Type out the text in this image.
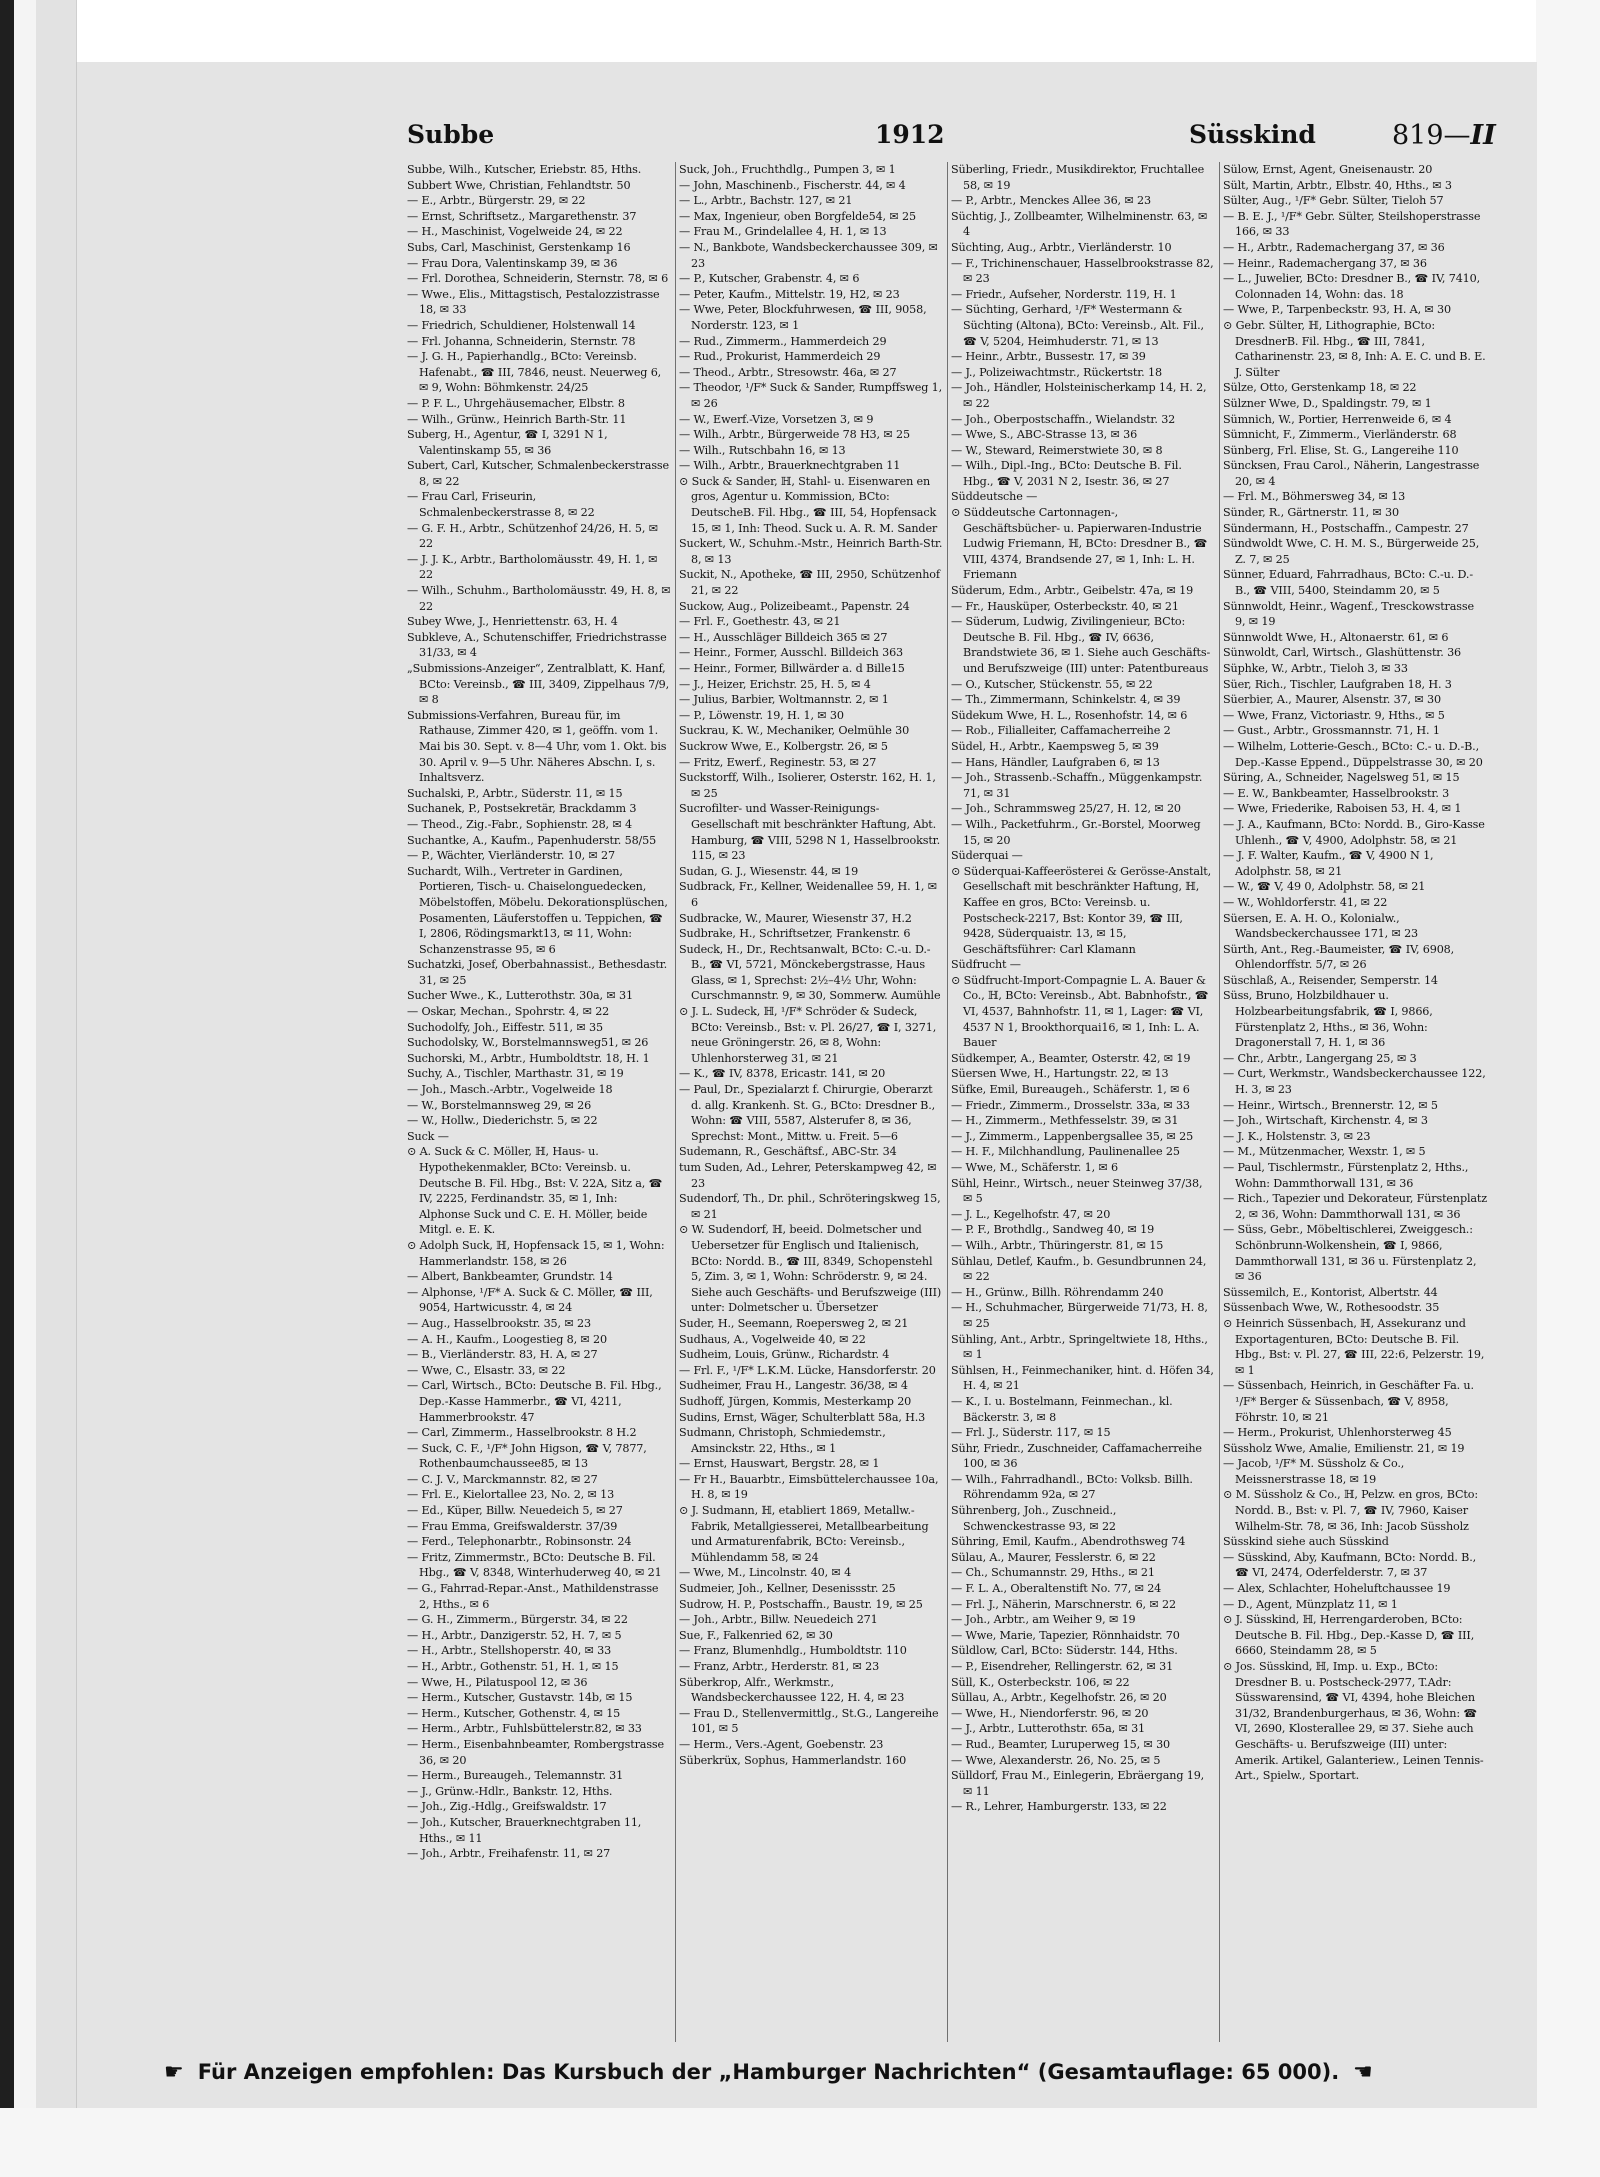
Subbe	1912	Süsskind	819—II

Subbe, Wilh., Kutscher, Eriebstr. 85, Hths.

Subbert Wwe, Christian, Fehlandtstr. 50

— E., Arbtr., Bürgerstr. 29, ✉ 22

— Ernst, Schriftsetz., Margarethenstr. 37

— H., Maschinist, Vogelweide 24, ✉ 22

Subs, Carl, Maschinist, Gerstenkamp 16

— Frau Dora, Valentinskamp 39, ✉ 36

— Frl. Dorothea, Schneiderin, Sternstr. 78, ✉ 6

— Wwe., Elis., Mittagstisch, Pestalozzistrasse 18, ✉ 33

— Friedrich, Schuldiener, Holstenwall 14

— Frl. Johanna, Schneiderin, Sternstr. 78

— J. G. H., Papierhandlg., BCto: Vereinsb. Hafenabt., ☎ III, 7846, neust. Neuerweg 6, ✉ 9, Wohn: Böhmkenstr. 24/25

— P. F. L., Uhrgehäusemacher, Elbstr. 8

— Wilh., Grünw., Heinrich Barth-Str. 11

Suberg, H., Agentur, ☎ I, 3291 N 1, Valentinskamp 55, ✉ 36

Subert, Carl, Kutscher, Schmalenbeckerstrasse 8, ✉ 22

— Frau Carl, Friseurin, Schmalenbeckerstrasse 8, ✉ 22

— G. F. H., Arbtr., Schützenhof 24/26, H. 5, ✉ 22

— J. J. K., Arbtr., Bartholomäusstr. 49, H. 1, ✉ 22

— Wilh., Schuhm., Bartholomäusstr. 49, H. 8, ✉ 22

Subey Wwe, J., Henriettenstr. 63, H. 4

Subkleve, A., Schutenschiffer, Friedrichstrasse 31/33, ✉ 4

„Submissions-Anzeiger“, Zentralblatt, K. Hanf, BCto: Vereinsb., ☎ III, 3409, Zippelhaus 7/9, ✉ 8

Submissions-Verfahren, Bureau für, im Rathause, Zimmer 420, ✉ 1, geöffn. vom 1. Mai bis 30. Sept. v. 8—4 Uhr, vom 1. Okt. bis 30. April v. 9—5 Uhr. Näheres Abschn. I, s. Inhaltsverz.

Suchalski, P., Arbtr., Süderstr. 11, ✉ 15

Suchanek, P., Postsekretär, Brackdamm 3

— Theod., Zig.-Fabr., Sophienstr. 28, ✉ 4

Suchantke, A., Kaufm., Papenhuderstr. 58/55

— P., Wächter, Vierländerstr. 10, ✉ 27

Suchardt, Wilh., Vertreter in Gardinen, Portieren, Tisch- u. Chaiselonguedecken, Möbelstoffen, Möbelu. Dekorationsplüschen, Posamenten, Läuferstoffen u. Teppichen, ☎ I, 2806, Rödingsmarkt13, ✉ 11, Wohn: Schanzenstrasse 95, ✉ 6

Suchatzki, Josef, Oberbahnassist., Bethesdastr. 31, ✉ 25

Sucher Wwe., K., Lutterothstr. 30a, ✉ 31

— Oskar, Mechan., Spohrstr. 4, ✉ 22

Suchodolfy, Joh., Eiffestr. 511, ✉ 35

Suchodolsky, W., Borstelmannsweg51, ✉ 26

Suchorski, M., Arbtr., Humboldtstr. 18, H. 1

Suchy, A., Tischler, Marthastr. 31, ✉ 19

— Joh., Masch.-Arbtr., Vogelweide 18

— W., Borstelmannsweg 29, ✉ 26

— W., Hollw., Diederichstr. 5, ✉ 22

Suck —

⊙ A. Suck & C. Möller, ℍ, Haus- u. Hypothekenmakler, BCto: Vereinsb. u. Deutsche B. Fil. Hbg., Bst: V. 22A, Sitz a, ☎ IV, 2225, Ferdinandstr. 35, ✉ 1, Inh: Alphonse Suck und C. E. H. Möller, beide Mitgl. e. E. K.

⊙ Adolph Suck, ℍ, Hopfensack 15, ✉ 1, Wohn: Hammerlandstr. 158, ✉ 26

— Albert, Bankbeamter, Grundstr. 14

— Alphonse, ¹/F* A. Suck & C. Möller, ☎ III, 9054, Hartwicusstr. 4, ✉ 24

— Aug., Hasselbrookstr. 35, ✉ 23

— A. H., Kaufm., Loogestieg 8, ✉ 20

— B., Vierländerstr. 83, H. A, ✉ 27

— Wwe, C., Elsastr. 33, ✉ 22

— Carl, Wirtsch., BCto: Deutsche B. Fil. Hbg., Dep.-Kasse Hammerbr., ☎ VI, 4211, Hammerbrookstr. 47

— Carl, Zimmerm., Hasselbrookstr. 8 H.2

— Suck, C. F., ¹/F* John Higson, ☎ V, 7877, Rothenbaumchaussee85, ✉ 13

— C. J. V., Marckmannstr. 82, ✉ 27

— Frl. E., Kielortallee 23, No. 2, ✉ 13

— Ed., Küper, Billw. Neuedeich 5, ✉ 27

— Frau Emma, Greifswalderstr. 37/39

— Ferd., Telephonarbtr., Robinsonstr. 24

— Fritz, Zimmermstr., BCto: Deutsche B. Fil. Hbg., ☎ V, 8348, Winterhuderweg 40, ✉ 21

— G., Fahrrad-Repar.-Anst., Mathildenstrasse 2, Hths., ✉ 6

— G. H., Zimmerm., Bürgerstr. 34, ✉ 22

— H., Arbtr., Danzigerstr. 52, H. 7, ✉ 5

— H., Arbtr., Stellshoperstr. 40, ✉ 33

— H., Arbtr., Gothenstr. 51, H. 1, ✉ 15

— Wwe, H., Pilatuspool 12, ✉ 36

— Herm., Kutscher, Gustavstr. 14b, ✉ 15

— Herm., Kutscher, Gothenstr. 4, ✉ 15

— Herm., Arbtr., Fuhlsbüttelerstr.82, ✉ 33

— Herm., Eisenbahnbeamter, Rombergstrasse 36, ✉ 20

— Herm., Bureaugeh., Telemannstr. 31

— J., Grünw.-Hdlr., Bankstr. 12, Hths.

— Joh., Zig.-Hdlg., Greifswaldstr. 17

— Joh., Kutscher, Brauerknechtgraben 11, Hths., ✉ 11

— Joh., Arbtr., Freihafenstr. 11, ✉ 27

Suck, Joh., Fruchthdlg., Pumpen 3, ✉ 1

— John, Maschinenb., Fischerstr. 44, ✉ 4

— L., Arbtr., Bachstr. 127, ✉ 21

— Max, Ingenieur, oben Borgfelde54, ✉ 25

— Frau M., Grindelallee 4, H. 1, ✉ 13

— N., Bankbote, Wandsbeckerchaussee 309, ✉ 23

— P., Kutscher, Grabenstr. 4, ✉ 6

— Peter, Kaufm., Mittelstr. 19, H2, ✉ 23

— Wwe, Peter, Blockfuhrwesen, ☎ III, 9058, Norderstr. 123, ✉ 1

— Rud., Zimmerm., Hammerdeich 29

— Rud., Prokurist, Hammerdeich 29

— Theod., Arbtr., Stresowstr. 46a, ✉ 27

— Theodor, ¹/F* Suck & Sander, Rumpffsweg 1, ✉ 26

— W., Ewerf.-Vize, Vorsetzen 3, ✉ 9

— Wilh., Arbtr., Bürgerweide 78 H3, ✉ 25

— Wilh., Rutschbahn 16, ✉ 13

— Wilh., Arbtr., Brauerknechtgraben 11

⊙ Suck & Sander, ℍ, Stahl- u. Eisenwaren en gros, Agentur u. Kommission, BCto: DeutscheB. Fil. Hbg., ☎ III, 54, Hopfensack 15, ✉ 1, Inh: Theod. Suck u. A. R. M. Sander

Suckert, W., Schuhm.-Mstr., Heinrich Barth-Str. 8, ✉ 13

Suckit, N., Apotheke, ☎ III, 2950, Schützenhof 21, ✉ 22

Suckow, Aug., Polizeibeamt., Papenstr. 24

— Frl. F., Goethestr. 43, ✉ 21

— H., Ausschläger Billdeich 365 ✉ 27

— Heinr., Former, Ausschl. Billdeich 363

— Heinr., Former, Billwärder a. d Bille15

— J., Heizer, Erichstr. 25, H. 5, ✉ 4

— Julius, Barbier, Woltmannstr. 2, ✉ 1

— P., Löwenstr. 19, H. 1, ✉ 30

Suckrau, K. W., Mechaniker, Oelmühle 30

Suckrow Wwe, E., Kolbergstr. 26, ✉ 5

— Fritz, Ewerf., Reginestr. 53, ✉ 27

Suckstorff, Wilh., Isolierer, Osterstr. 162, H. 1, ✉ 25

Sucrofilter- und Wasser-Reinigungs-Gesellschaft mit beschränkter Haftung, Abt. Hamburg, ☎ VIII, 5298 N 1, Hasselbrookstr. 115, ✉ 23

Sudan, G. J., Wiesenstr. 44, ✉ 19

Sudbrack, Fr., Kellner, Weidenallee 59, H. 1, ✉ 6

Sudbracke, W., Maurer, Wiesenstr 37, H.2

Sudbrake, H., Schriftsetzer, Frankenstr. 6

Sudeck, H., Dr., Rechtsanwalt, BCto: C.-u. D.-B., ☎ VI, 5721, Mönckebergstrasse, Haus Glass, ✉ 1, Sprechst: 2½–4½ Uhr, Wohn: Curschmannstr. 9, ✉ 30, Sommerw. Aumühle

⊙ J. L. Sudeck, ℍ, ¹/F* Schröder & Sudeck, BCto: Vereinsb., Bst: v. Pl. 26/27, ☎ I, 3271, neue Gröningerstr. 26, ✉ 8, Wohn: Uhlenhorsterweg 31, ✉ 21

— K., ☎ IV, 8378, Ericastr. 141, ✉ 20

— Paul, Dr., Spezialarzt f. Chirurgie, Oberarzt d. allg. Krankenh. St. G., BCto: Dresdner B., Wohn: ☎ VIII, 5587, Alsterufer 8, ✉ 36, Sprechst: Mont., Mittw. u. Freit. 5—6

Sudemann, R., Geschäftsf., ABC-Str. 34

tum Suden, Ad., Lehrer, Peterskampweg 42, ✉ 23

Sudendorf, Th., Dr. phil., Schröteringskweg 15, ✉ 21

⊙ W. Sudendorf, ℍ, beeid. Dolmetscher und Uebersetzer für Englisch und Italienisch, BCto: Nordd. B., ☎ III, 8349, Schopenstehl 5, Zim. 3, ✉ 1, Wohn: Schröderstr. 9, ✉ 24. Siehe auch Geschäfts- und Berufszweige (III) unter: Dolmetscher u. Übersetzer

Suder, H., Seemann, Roepersweg 2, ✉ 21

Sudhaus, A., Vogelweide 40, ✉ 22

Sudheim, Louis, Grünw., Richardstr. 4

— Frl. F., ¹/F* L.K.M. Lücke, Hansdorferstr. 20

Sudheimer, Frau H., Langestr. 36/38, ✉ 4

Sudhoff, Jürgen, Kommis, Mesterkamp 20

Sudins, Ernst, Wäger, Schulterblatt 58a, H.3

Sudmann, Christoph, Schmiedemstr., Amsinckstr. 22, Hths., ✉ 1

— Ernst, Hauswart, Bergstr. 28, ✉ 1

— Fr H., Bauarbtr., Eimsbüttelerchaussee 10a, H. 8, ✉ 19

⊙ J. Sudmann, ℍ, etabliert 1869, Metallw.-Fabrik, Metallgiesserei, Metallbearbeitung und Armaturenfabrik, BCto: Vereinsb., Mühlendamm 58, ✉ 24

— Wwe, M., Lincolnstr. 40, ✉ 4

Sudmeier, Joh., Kellner, Desenissstr. 25

Sudrow, H. P., Postschaffn., Baustr. 19, ✉ 25

— Joh., Arbtr., Billw. Neuedeich 271

Sue, F., Falkenried 62, ✉ 30

— Franz, Blumenhdlg., Humboldtstr. 110

— Franz, Arbtr., Herderstr. 81, ✉ 23

Süberkrop, Alfr., Werkmstr., Wandsbeckerchaussee 122, H. 4, ✉ 23

— Frau D., Stellenvermittlg., St.G., Langereihe 101, ✉ 5

— Herm., Vers.-Agent, Goebenstr. 23

Süberkrüx, Sophus, Hammerlandstr. 160

Süberling, Friedr., Musikdirektor, Fruchtallee 58, ✉ 19

— P., Arbtr., Menckes Allee 36, ✉ 23

Süchtig, J., Zollbeamter, Wilhelminenstr. 63, ✉ 4

Süchting, Aug., Arbtr., Vierländerstr. 10

— F., Trichinenschauer, Hasselbrookstrasse 82, ✉ 23

— Friedr., Aufseher, Norderstr. 119, H. 1

— Süchting, Gerhard, ¹/F* Westermann & Süchting (Altona), BCto: Vereinsb., Alt. Fil., ☎ V, 5204, Heimhuderstr. 71, ✉ 13

— Heinr., Arbtr., Bussestr. 17, ✉ 39

— J., Polizeiwachtmstr., Rückertstr. 18

— Joh., Händler, Holsteinischerkamp 14, H. 2, ✉ 22

— Joh., Oberpostschaffn., Wielandstr. 32

— Wwe, S., ABC-Strasse 13, ✉ 36

— W., Steward, Reimerstwiete 30, ✉ 8

— Wilh., Dipl.-Ing., BCto: Deutsche B. Fil. Hbg., ☎ V, 2031 N 2, Isestr. 36, ✉ 27

Süddeutsche —

⊙ Süddeutsche Cartonnagen-, Geschäftsbücher- u. Papierwaren-Industrie Ludwig Friemann, ℍ, BCto: Dresdner B., ☎ VIII, 4374, Brandsende 27, ✉ 1, Inh: L. H. Friemann

Süderum, Edm., Arbtr., Geibelstr. 47a, ✉ 19

— Fr., Hausküper, Osterbeckstr. 40, ✉ 21

— Süderum, Ludwig, Zivilingenieur, BCto: Deutsche B. Fil. Hbg., ☎ IV, 6636, Brandstwiete 36, ✉ 1. Siehe auch Geschäfts- und Berufszweige (III) unter: Patentbureaus

— O., Kutscher, Stückenstr. 55, ✉ 22

— Th., Zimmermann, Schinkelstr. 4, ✉ 39

Südekum Wwe, H. L., Rosenhofstr. 14, ✉ 6

— Rob., Filialleiter, Caffamacherreihe 2

Südel, H., Arbtr., Kaempsweg 5, ✉ 39

— Hans, Händler, Laufgraben 6, ✉ 13

— Joh., Strassenb.-Schaffn., Müggenkampstr. 71, ✉ 31

— Joh., Schrammsweg 25/27, H. 12, ✉ 20

— Wilh., Packetfuhrm., Gr.-Borstel, Moorweg 15, ✉ 20

Süderquai —

⊙ Süderquai-Kaffeerösterei & Gerösse-Anstalt, Gesellschaft mit beschränkter Haftung, ℍ, Kaffee en gros, BCto: Vereinsb. u. Postscheck-2217, Bst: Kontor 39, ☎ III, 9428, Süderquaistr. 13, ✉ 15, Geschäftsführer: Carl Klamann

Südfrucht —

⊙ Südfrucht-Import-Compagnie L. A. Bauer & Co., ℍ, BCto: Vereinsb., Abt. Babnhofstr., ☎ VI, 4537, Bahnhofstr. 11, ✉ 1, Lager: ☎ VI, 4537 N 1, Brookthorquai16, ✉ 1, Inh: L. A. Bauer

Südkemper, A., Beamter, Osterstr. 42, ✉ 19

Süersen Wwe, H., Hartungstr. 22, ✉ 13

Süfke, Emil, Bureaugeh., Schäferstr. 1, ✉ 6

— Friedr., Zimmerm., Drosselstr. 33a, ✉ 33

— H., Zimmerm., Methfesselstr. 39, ✉ 31

— J., Zimmerm., Lappenbergsallee 35, ✉ 25

— H. F., Milchhandlung, Paulinenallee 25

— Wwe, M., Schäferstr. 1, ✉ 6

Sühl, Heinr., Wirtsch., neuer Steinweg 37/38, ✉ 5

— J. L., Kegelhofstr. 47, ✉ 20

— P. F., Brothdlg., Sandweg 40, ✉ 19

— Wilh., Arbtr., Thüringerstr. 81, ✉ 15

Sühlau, Detlef, Kaufm., b. Gesundbrunnen 24, ✉ 22

— H., Grünw., Billh. Röhrendamm 240

— H., Schuhmacher, Bürgerweide 71/73, H. 8, ✉ 25

Sühling, Ant., Arbtr., Springeltwiete 18, Hths., ✉ 1

Sühlsen, H., Feinmechaniker, hint. d. Höfen 34, H. 4, ✉ 21

— K., I. u. Bostelmann, Feinmechan., kl. Bäckerstr. 3, ✉ 8

— Frl. J., Süderstr. 117, ✉ 15

Sühr, Friedr., Zuschneider, Caffamacherreihe 100, ✉ 36

— Wilh., Fahrradhandl., BCto: Volksb. Billh. Röhrendamm 92a, ✉ 27

Sührenberg, Joh., Zuschneid., Schwenckestrasse 93, ✉ 22

Sühring, Emil, Kaufm., Abendrothsweg 74

Sülau, A., Maurer, Fesslerstr. 6, ✉ 22

— Ch., Schumannstr. 29, Hths., ✉ 21

— F. L. A., Oberaltenstift No. 77, ✉ 24

— Frl. J., Näherin, Marschnerstr. 6, ✉ 22

— Joh., Arbtr., am Weiher 9, ✉ 19

— Wwe, Marie, Tapezier, Rönnhaidstr. 70

Süldlow, Carl, BCto: Süderstr. 144, Hths.

— P., Eisendreher, Rellingerstr. 62, ✉ 31

Süll, K., Osterbeckstr. 106, ✉ 22

Süllau, A., Arbtr., Kegelhofstr. 26, ✉ 20

— Wwe, H., Niendorferstr. 96, ✉ 20

— J., Arbtr., Lutterothstr. 65a, ✉ 31

— Rud., Beamter, Luruperweg 15, ✉ 30

— Wwe, Alexanderstr. 26, No. 25, ✉ 5

Sülldorf, Frau M., Einlegerin, Ebräergang 19, ✉ 11

— R., Lehrer, Hamburgerstr. 133, ✉ 22

Sülow, Ernst, Agent, Gneisenaustr. 20

Sült, Martin, Arbtr., Elbstr. 40, Hths., ✉ 3

Sülter, Aug., ¹/F* Gebr. Sülter, Tieloh 57

— B. E. J., ¹/F* Gebr. Sülter, Steilshoperstrasse 166, ✉ 33

— H., Arbtr., Rademachergang 37, ✉ 36

— Heinr., Rademachergang 37, ✉ 36

— L., Juwelier, BCto: Dresdner B., ☎ IV, 7410, Colonnaden 14, Wohn: das. 18

— Wwe, P., Tarpenbeckstr. 93, H. A, ✉ 30

⊙ Gebr. Sülter, ℍ, Lithographie, BCto: DresdnerB. Fil. Hbg., ☎ III, 7841, Catharinenstr. 23, ✉ 8, Inh: A. E. C. und B. E. J. Sülter

Sülze, Otto, Gerstenkamp 18, ✉ 22

Sülzner Wwe, D., Spaldingstr. 79, ✉ 1

Sümnich, W., Portier, Herrenweide 6, ✉ 4

Sümnicht, F., Zimmerm., Vierländerstr. 68

Sünberg, Frl. Elise, St. G., Langereihe 110

Süncksen, Frau Carol., Näherin, Langestrasse 20, ✉ 4

— Frl. M., Böhmersweg 34, ✉ 13

Sünder, R., Gärtnerstr. 11, ✉ 30

Sündermann, H., Postschaffn., Campestr. 27

Sündwoldt Wwe, C. H. M. S., Bürgerweide 25, Z. 7, ✉ 25

Sünner, Eduard, Fahrradhaus, BCto: C.-u. D.-B., ☎ VIII, 5400, Steindamm 20, ✉ 5

Sünnwoldt, Heinr., Wagenf., Tresckowstrasse 9, ✉ 19

Sünnwoldt Wwe, H., Altonaerstr. 61, ✉ 6

Sünwoldt, Carl, Wirtsch., Glashüttenstr. 36

Süphke, W., Arbtr., Tieloh 3, ✉ 33

Süer, Rich., Tischler, Laufgraben 18, H. 3

Süerbier, A., Maurer, Alsenstr. 37, ✉ 30

— Wwe, Franz, Victoriastr. 9, Hths., ✉ 5

— Gust., Arbtr., Grossmannstr. 71, H. 1

— Wilhelm, Lotterie-Gesch., BCto: C.- u. D.-B., Dep.-Kasse Eppend., Düppelstrasse 30, ✉ 20

Süring, A., Schneider, Nagelsweg 51, ✉ 15

— E. W., Bankbeamter, Hasselbrookstr. 3

— Wwe, Friederike, Raboisen 53, H. 4, ✉ 1

— J. A., Kaufmann, BCto: Nordd. B., Giro-Kasse Uhlenh., ☎ V, 4900, Adolphstr. 58, ✉ 21

— J. F. Walter, Kaufm., ☎ V, 4900 N 1, Adolphstr. 58, ✉ 21

— W., ☎ V, 49 0, Adolphstr. 58, ✉ 21

— W., Wohldorferstr. 41, ✉ 22

Süersen, E. A. H. O., Kolonialw., Wandsbeckerchaussee 171, ✉ 23

Sürth, Ant., Reg.-Baumeister, ☎ IV, 6908, Ohlendorffstr. 5/7, ✉ 26

Süschlaß, A., Reisender, Semperstr. 14

Süss, Bruno, Holzbildhauer u. Holzbearbeitungsfabrik, ☎ I, 9866, Fürstenplatz 2, Hths., ✉ 36, Wohn: Dragonerstall 7, H. 1, ✉ 36

— Chr., Arbtr., Langergang 25, ✉ 3

— Curt, Werkmstr., Wandsbeckerchaussee 122, H. 3, ✉ 23

— Heinr., Wirtsch., Brennerstr. 12, ✉ 5

— Joh., Wirtschaft, Kirchenstr. 4, ✉ 3

— J. K., Holstenstr. 3, ✉ 23

— M., Mützenmacher, Wexstr. 1, ✉ 5

— Paul, Tischlermstr., Fürstenplatz 2, Hths., Wohn: Dammthorwall 131, ✉ 36

— Rich., Tapezier und Dekorateur, Fürstenplatz 2, ✉ 36, Wohn: Dammthorwall 131, ✉ 36

— Süss, Gebr., Möbeltischlerei, Zweiggesch.: Schönbrunn-Wolkenshein, ☎ I, 9866, Dammthorwall 131, ✉ 36 u. Fürstenplatz 2, ✉ 36

Süssemilch, E., Kontorist, Albertstr. 44

Süssenbach Wwe, W., Rothesoodstr. 35

⊙ Heinrich Süssenbach, ℍ, Assekuranz und Exportagenturen, BCto: Deutsche B. Fil. Hbg., Bst: v. Pl. 27, ☎ III, 22:6, Pelzerstr. 19, ✉ 1

— Süssenbach, Heinrich, in Geschäfter Fa. u. ¹/F* Berger & Süssenbach, ☎ V, 8958, Föhrstr. 10, ✉ 21

— Herm., Prokurist, Uhlenhorsterweg 45

Süssholz Wwe, Amalie, Emilienstr. 21, ✉ 19

— Jacob, ¹/F* M. Süssholz & Co., Meissnerstrasse 18, ✉ 19

⊙ M. Süssholz & Co., ℍ, Pelzw. en gros, BCto: Nordd. B., Bst: v. Pl. 7, ☎ IV, 7960, Kaiser Wilhelm-Str. 78, ✉ 36, Inh: Jacob Süssholz

Süsskind siehe auch Süsskind

— Süsskind, Aby, Kaufmann, BCto: Nordd. B., ☎ VI, 2474, Oderfelderstr. 7, ✉ 37

— Alex, Schlachter, Hoheluftchaussee 19

— D., Agent, Münzplatz 11, ✉ 1

⊙ J. Süsskind, ℍ, Herrengarderoben, BCto: Deutsche B. Fil. Hbg., Dep.-Kasse D, ☎ III, 6660, Steindamm 28, ✉ 5

⊙ Jos. Süsskind, ℍ, Imp. u. Exp., BCto: Dresdner B. u. Postscheck-2977, T.Adr: Süsswarensind, ☎ VI, 4394, hohe Bleichen 31/32, Brandenburgerhaus, ✉ 36, Wohn: ☎ VI, 2690, Klosterallee 29, ✉ 37. Siehe auch Geschäfts- u. Berufszweige (III) unter: Amerik. Artikel, Galanteriew., Leinen Tennis-Art., Spielw., Sportart.

☛ Für Anzeigen empfohlen: Das Kursbuch der „Hamburger Nachrichten“ (Gesamtauflage: 65 000). ☛
